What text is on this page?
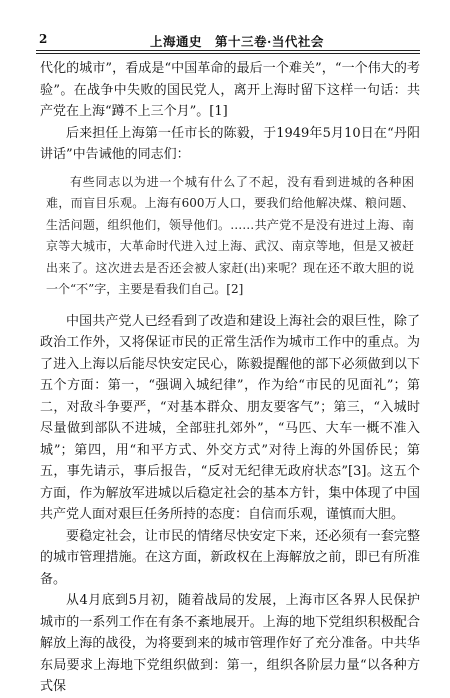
2	上海通史　第十三卷·当代社会

代化的城市”，看成是“中国革命的最后一个难关”，“一个伟大的考验”。在战争中失败的国民党人，离开上海时留下这样一句话：共产党在上海“蹲不上三个月”。[1]

后来担任上海第一任市长的陈毅，于1949年5月10日在“丹阳讲话”中告诫他的同志们：

有些同志以为进一个城有什么了不起，没有看到进城的各种困难，而盲目乐观。上海有600万人口，要我们给他解决煤、粮问题、生活问题，组织他们，领导他们。……共产党不是没有进过上海、南京等大城市，大革命时代进入过上海、武汉、南京等地，但是又被赶出来了。这次进去是否还会被人家赶(出)来呢？现在还不敢大胆的说一个“不”字，主要是看我们自己。[2]

中国共产党人已经看到了改造和建设上海社会的艰巨性，除了政治工作外，又将保证市民的正常生活作为城市工作中的重点。为了进入上海以后能尽快安定民心，陈毅提醒他的部下必须做到以下五个方面：第一，“强调入城纪律”，作为给“市民的见面礼”；第二，对敌斗争要严，“对基本群众、朋友要客气”；第三，“入城时尽量做到部队不进城，全部驻扎郊外”，“马匹、大车一概不准入城”；第四，用“和平方式、外交方式”对待上海的外国侨民；第五，事先请示，事后报告，“反对无纪律无政府状态”[3]。这五个方面，作为解放军进城以后稳定社会的基本方针，集中体现了中国共产党人面对艰巨任务所持的态度：自信而乐观，谨慎而大胆。

要稳定社会，让市民的情绪尽快安定下来，还必须有一套完整的城市管理措施。在这方面，新政权在上海解放之前，即已有所准备。

从4月底到5月初，随着战局的发展，上海市区各界人民保护城市的一系列工作在有条不紊地展开。上海的地下党组织积极配合解放上海的战役，为将要到来的城市管理作好了充分准备。中共华东局要求上海地下党组织做到：第一，组织各阶层力量“以各种方式保
